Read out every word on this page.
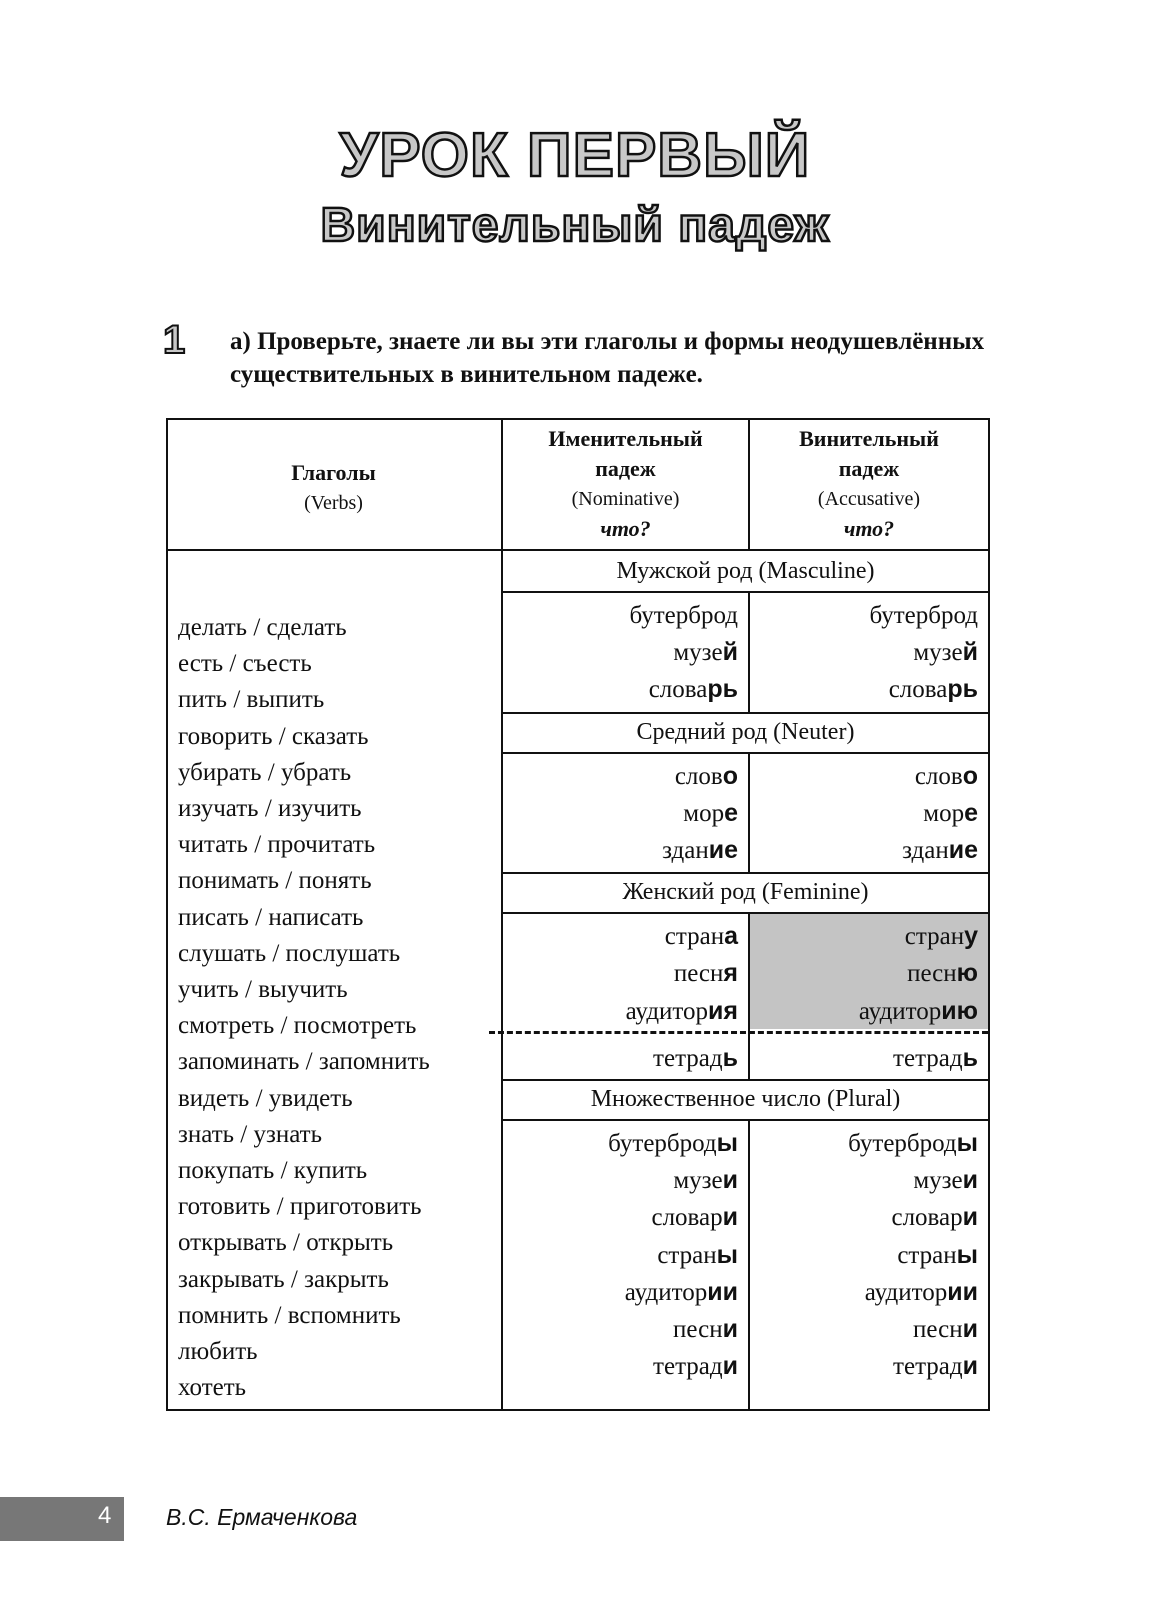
УРОК ПЕРВЫЙ
Винительный падеж
1 а) Проверьте, знаете ли вы эти глаголы и формы неодушевлённых существительных в винительном падеже.
Глаголы
(Verbs)
Именительный падеж
(Nominative)
что?
Винительный падеж
(Accusative)
что?
делать / сделать
есть / съесть
пить / выпить
говорить / сказать
убирать / убрать
изучать / изучить
читать / прочитать
понимать / понять
писать / написать
слушать / послушать
учить / выучить
смотреть / посмотреть
запоминать / запомнить
видеть / увидеть
знать / узнать
покупать / купить
готовить / приготовить
открывать / открыть
закрывать / закрыть
помнить / вспомнить
любить
хотеть
Мужской род (Masculine)
бутерброд
музей
словарь
бутерброд
музей
словарь
Средний род (Neuter)
слово
море
здание
слово
море
здание
Женский род (Feminine)
страна
песня
аудитория
тетрадь
страну
песню
аудиторию
тетрадь
Множественное число (Plural)
бутерброды
музеи
словари
страны
аудитории
песни
тетради
бутерброды
музеи
словари
страны
аудитории
песни
тетради
4 В.С. Ермаченкова
